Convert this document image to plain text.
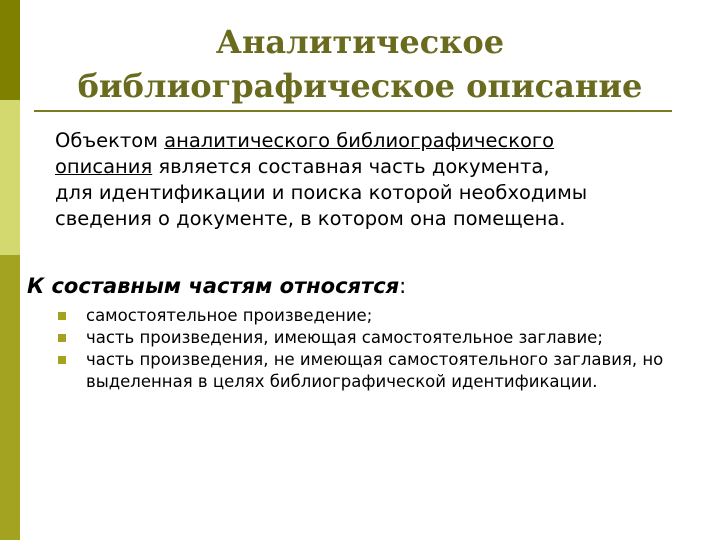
Аналитическое
библиографическое описание
Объектом аналитического библиографического
описания является составная часть документа,
для идентификации и поиска которой необходимы
сведения о документе, в котором она помещена.
К составным частям относятся:
самостоятельное произведение;
часть произведения, имеющая самостоятельное заглавие;
часть произведения, не имеющая самостоятельного заглавия, но выделенная в целях библиографической идентификации.
